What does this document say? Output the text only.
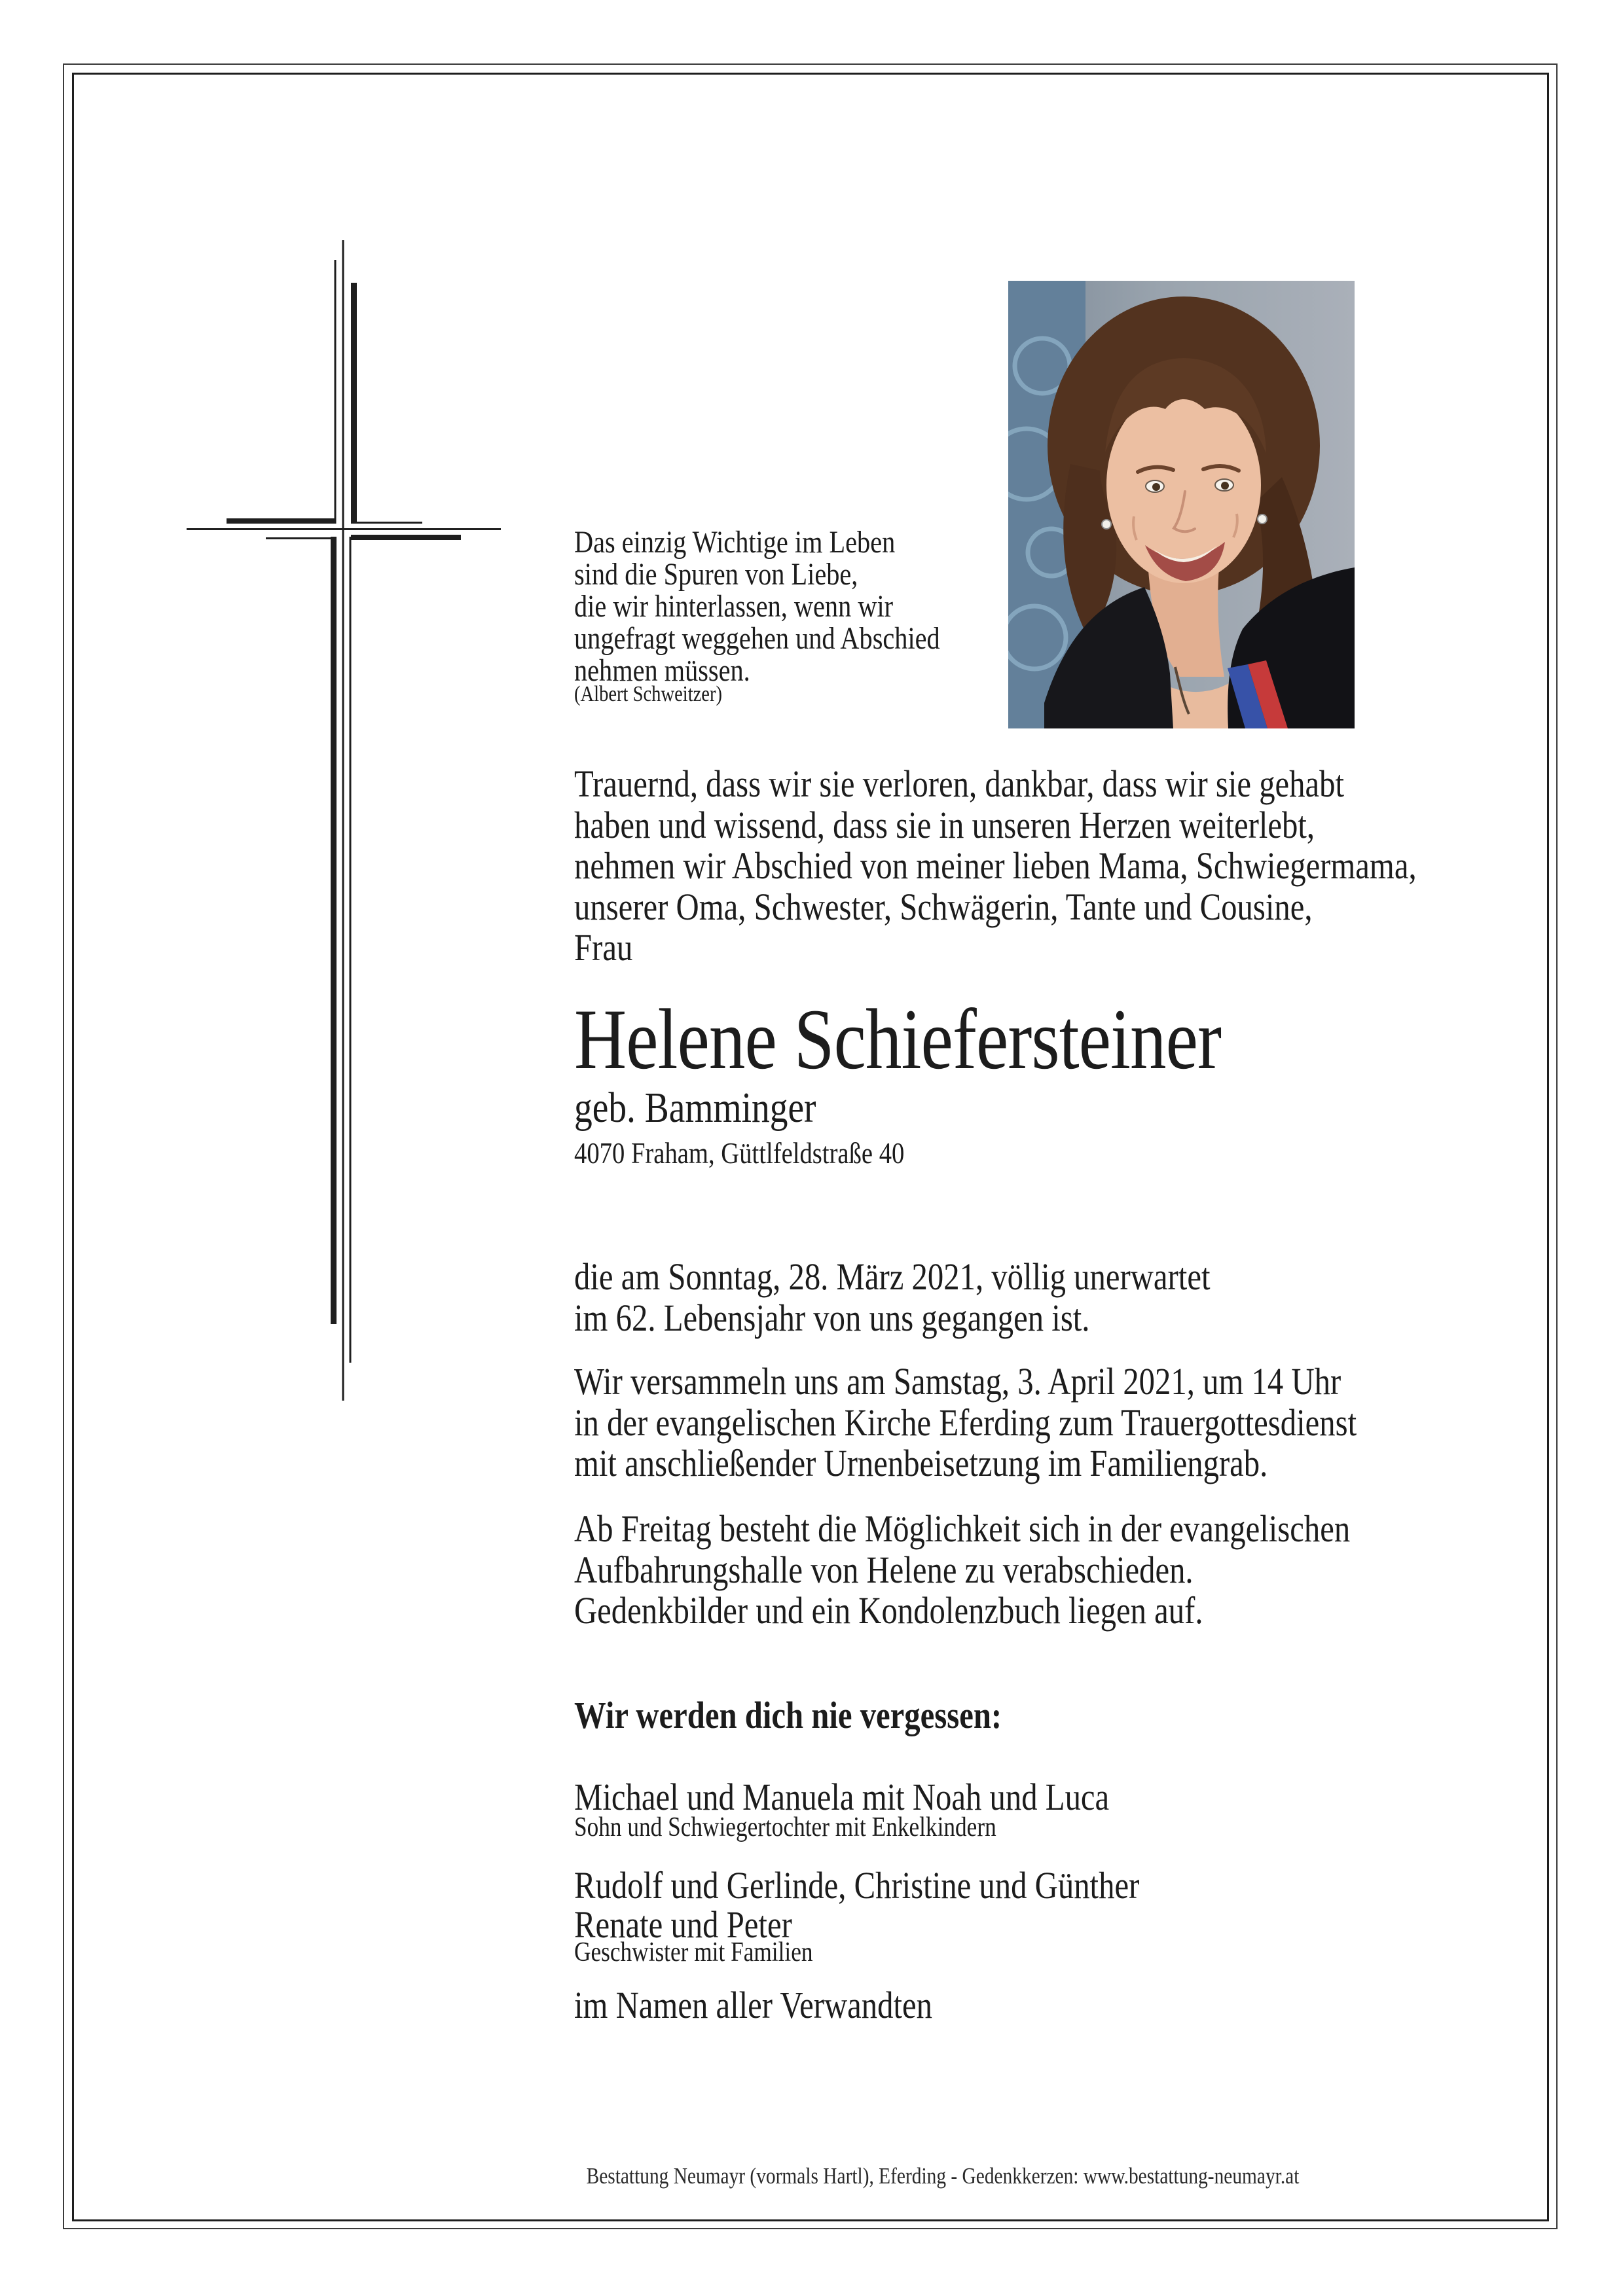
Das einzig Wichtige im Leben
sind die Spuren von Liebe,
die wir hinterlassen, wenn wir
ungefragt weggehen und Abschied
nehmen müssen.
(Albert Schweitzer)
Trauernd, dass wir sie verloren, dankbar, dass wir sie gehabt
haben und wissend, dass sie in unseren Herzen weiterlebt,
nehmen wir Abschied von meiner lieben Mama, Schwiegermama,
unserer Oma, Schwester, Schwägerin, Tante und Cousine,
Frau
Helene Schiefersteiner
geb. Bamminger
4070 Fraham, Güttlfeldstraße 40
die am Sonntag, 28. März 2021, völlig unerwartet
im 62. Lebensjahr von uns gegangen ist.
Wir versammeln uns am Samstag, 3. April 2021, um 14 Uhr
in der evangelischen Kirche Eferding zum Trauergottesdienst
mit anschließender Urnenbeisetzung im Familiengrab.
Ab Freitag besteht die Möglichkeit sich in der evangelischen
Aufbahrungshalle von Helene zu verabschieden.
Gedenkbilder und ein Kondolenzbuch liegen auf.
Wir werden dich nie vergessen:
Michael und Manuela mit Noah und Luca
Sohn und Schwiegertochter mit Enkelkindern
Rudolf und Gerlinde, Christine und Günther
Renate und Peter
Geschwister mit Familien
im Namen aller Verwandten
Bestattung Neumayr (vormals Hartl), Eferding - Gedenkkerzen: www.bestattung-neumayr.at
